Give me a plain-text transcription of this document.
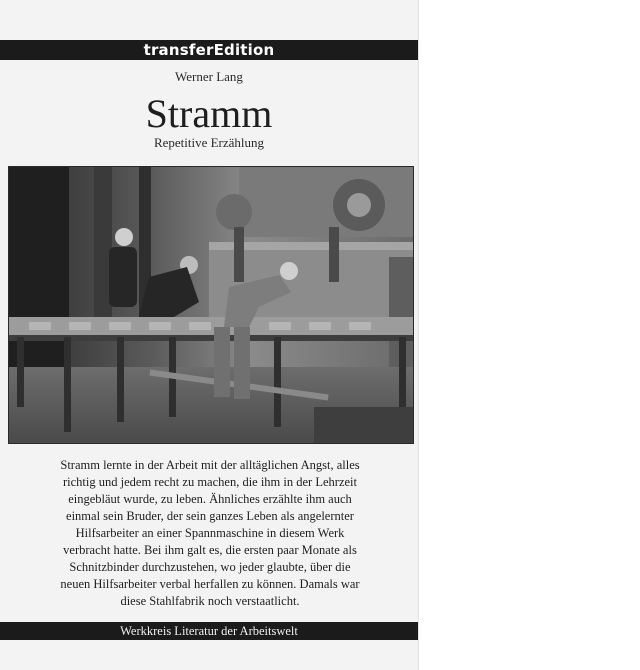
transferEdition
Werner Lang
Stramm
Repetitive Erzählung
Stramm lernte in der Arbeit mit der alltäglichen Angst, alles richtig und jedem recht zu machen, die ihm in der Lehrzeit eingebläut wurde, zu leben. Ähnliches erzählte ihm auch einmal sein Bruder, der sein ganzes Leben als angelernter Hilfsarbeiter an einer Spannmaschine in diesem Werk verbracht hatte. Bei ihm galt es, die ersten paar Monate als Schnitzbinder durchzustehen, wo jeder glaubte, über die neuen Hilfsarbeiter verbal herfallen zu können. Damals war diese Stahlfabrik noch verstaatlicht.
Werkkreis Literatur der Arbeitswelt
